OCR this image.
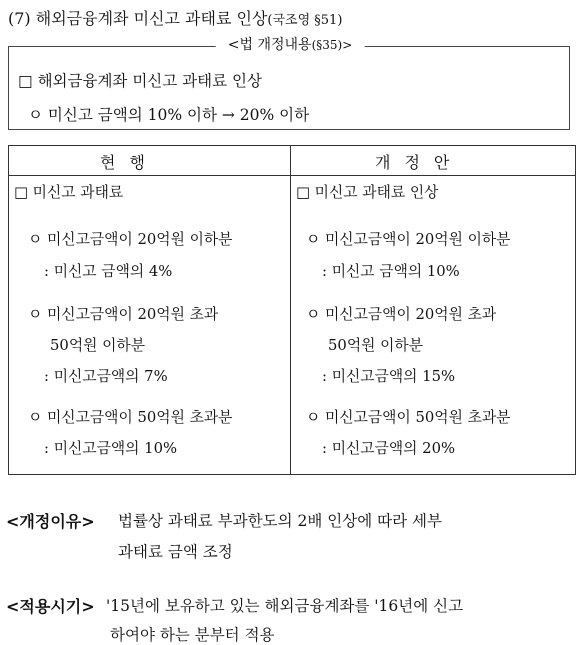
(7) 해외금융계좌 미신고 과태료 인상(국조영 §51)
<법 개정내용(§35)>
□ 해외금융계좌 미신고 과태료 인상
ㅇ 미신고 금액의 10% 이하 → 20% 이하
현행	개정안
□ 미신고 과태료
ㅇ 미신고금액이 20억원 이하분
: 미신고 금액의 4%
ㅇ 미신고금액이 20억원 초과
50억원 이하분
: 미신고금액의 7%
ㅇ 미신고금액이 50억원 초과분
: 미신고금액의 10%
□ 미신고 과태료 인상
ㅇ 미신고금액이 20억원 이하분
: 미신고 금액의 10%
ㅇ 미신고금액이 20억원 초과
50억원 이하분
: 미신고금액의 15%
ㅇ 미신고금액이 50억원 초과분
: 미신고금액의 20%
<개정이유> 법률상 과태료 부과한도의 2배 인상에 따라 세부
과태료 금액 조정
<적용시기> '15년에 보유하고 있는 해외금융계좌를 '16년에 신고
하여야 하는 분부터 적용
